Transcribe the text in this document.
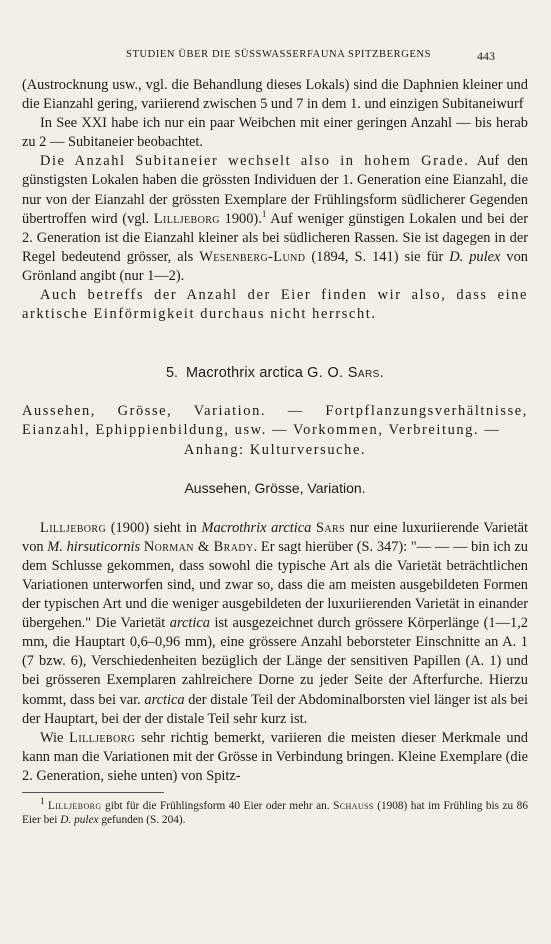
STUDIEN ÜBER DIE SÜSSWASSERFAUNA SPITZBERGENS	443

(Austrocknung usw., vgl. die Behandlung dieses Lokals) sind die Daphnien kleiner und die Eianzahl gering, variierend zwischen 5 und 7 in dem 1. und einzigen Subitaneiwurf

In See XXI habe ich nur ein paar Weibchen mit einer geringen Anzahl — bis herab zu 2 — Subitaneier beobachtet.

Die Anzahl Subitaneier wechselt also in hohem Grade. Auf den günstigsten Lokalen haben die grössten Individuen der 1. Generation eine Eianzahl, die nur von der Eianzahl der grössten Exemplare der Frühlingsform südlicherer Gegenden übertroffen wird (vgl. Lilljeborg 1900).$^1$ Auf weniger günstigen Lokalen und bei der 2. Generation ist die Eianzahl kleiner als bei südlicheren Rassen. Sie ist dagegen in der Regel bedeutend grösser, als Wesenberg-Lund (1894, S. 141) sie für D. pulex von Grönland angibt (nur 1—2).

Auch betreffs der Anzahl der Eier finden wir also, dass eine arktische Einförmigkeit durchaus nicht herrscht.

5. Macrothrix arctica G. O. Sars.

Aussehen, Grösse, Variation. — Fortpflanzungsverhältnisse, Eianzahl, Ephippienbildung, usw. — Vorkommen, Verbreitung. —

Anhang: Kulturversuche.

Aussehen, Grösse, Variation.

Lilljeborg (1900) sieht in Macrothrix arctica Sars nur eine luxuriierende Varietät von M. hirsuticornis Norman & Brady. Er sagt hierüber (S. 347): "— — — bin ich zu dem Schlusse gekommen, dass sowohl die typische Art als die Varietät beträchtlichen Variationen unterworfen sind, und zwar so, dass die am meisten ausgebildeten Formen der typischen Art und die weniger ausgebildeten der luxuriierenden Varietät in einander übergehen." Die Varietät arctica ist ausgezeichnet durch grössere Körperlänge (1—1,2 mm, die Hauptart 0,6–0,96 mm), eine grössere Anzahl beborsteter Einschnitte an A. 1 (7 bzw. 6), Verschiedenheiten bezüglich der Länge der sensitiven Papillen (A. 1) und bei grösseren Exemplaren zahlreichere Dorne zu jeder Seite der Afterfurche. Hierzu kommt, dass bei var. arctica der distale Teil der Abdominalborsten viel länger ist als bei der Hauptart, bei der der distale Teil sehr kurz ist.

Wie Lilljeborg sehr richtig bemerkt, variieren die meisten dieser Merkmale und kann man die Variationen mit der Grösse in Verbindung bringen. Kleine Exemplare (die 2. Generation, siehe unten) von Spitz-

$^1$ Lilljeborg gibt für die Frühlingsform 40 Eier oder mehr an. Schauss (1908) hat im Frühling bis zu 86 Eier bei D. pulex gefunden (S. 204).
